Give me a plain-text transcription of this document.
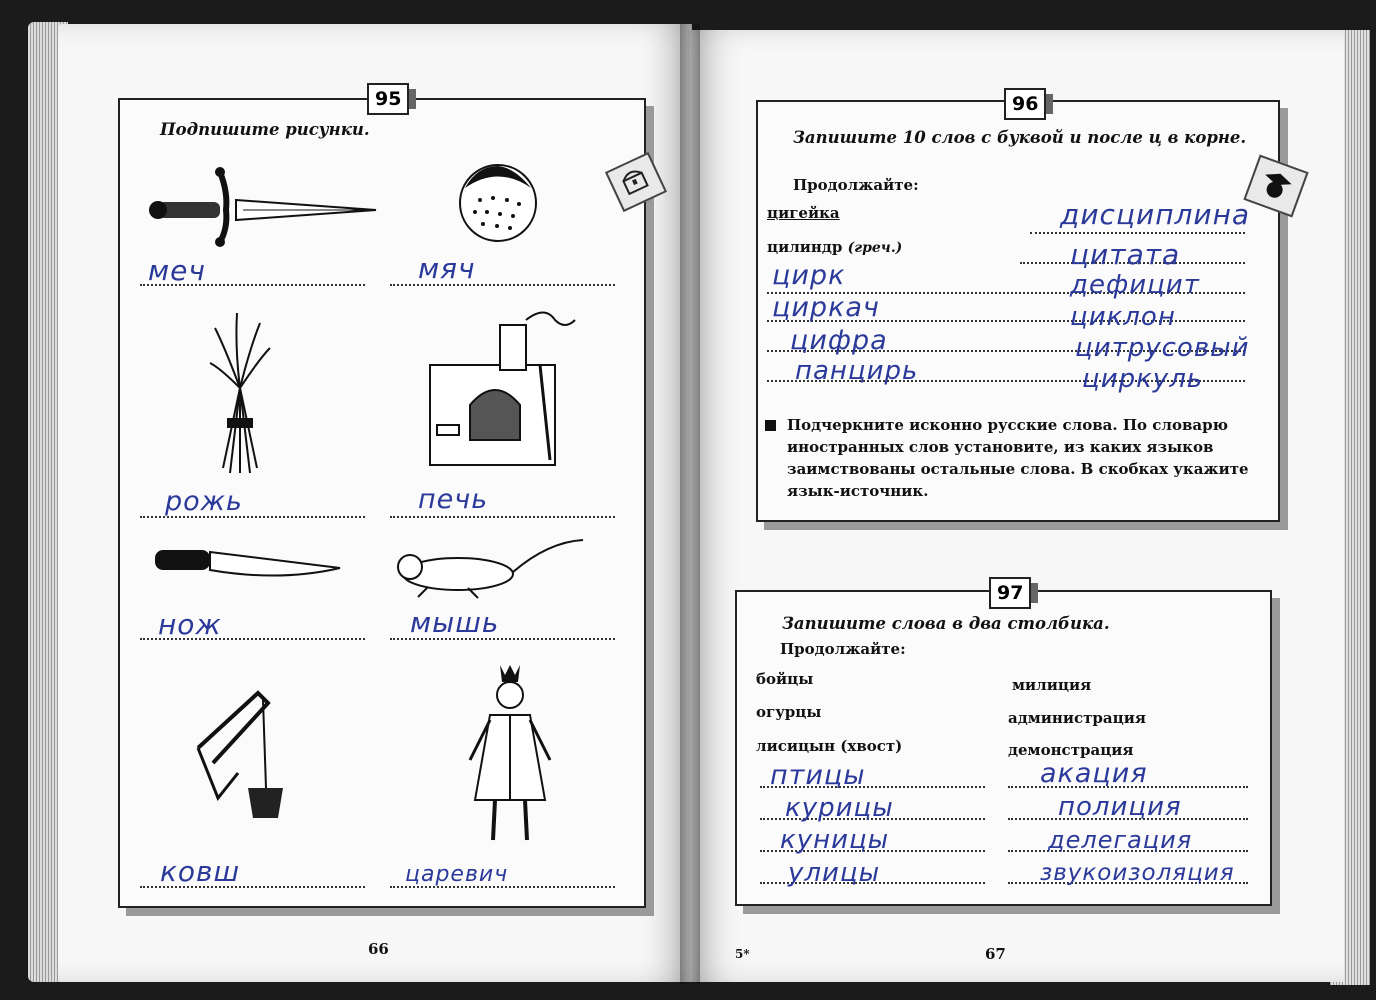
95
Подпишите рисунки.
меч	мяч
рожь	печь
нож	мышь
ковш	царевич
66
96
Запишите 10 слов с буквой и после ц в корне.
Продолжайте:
цигейка
цилиндр (греч.)
дисциплина
цитата
дефицит
циклон
цитрусовый
циркуль
цирк
циркач
цифра
панцирь
Подчеркните исконно русские слова. По словарю иностранных слов установите, из каких языков заимствованы остальные слова. В скобках укажите язык-источник.
97
Запишите слова в два столбика.
Продолжайте:
бойцы
огурцы
лисицын (хвост)
милиция
администрация
демонстрация
птицы
курицы
куницы
улицы
акация
полиция
делегация
звукоизоляция
5*	67
